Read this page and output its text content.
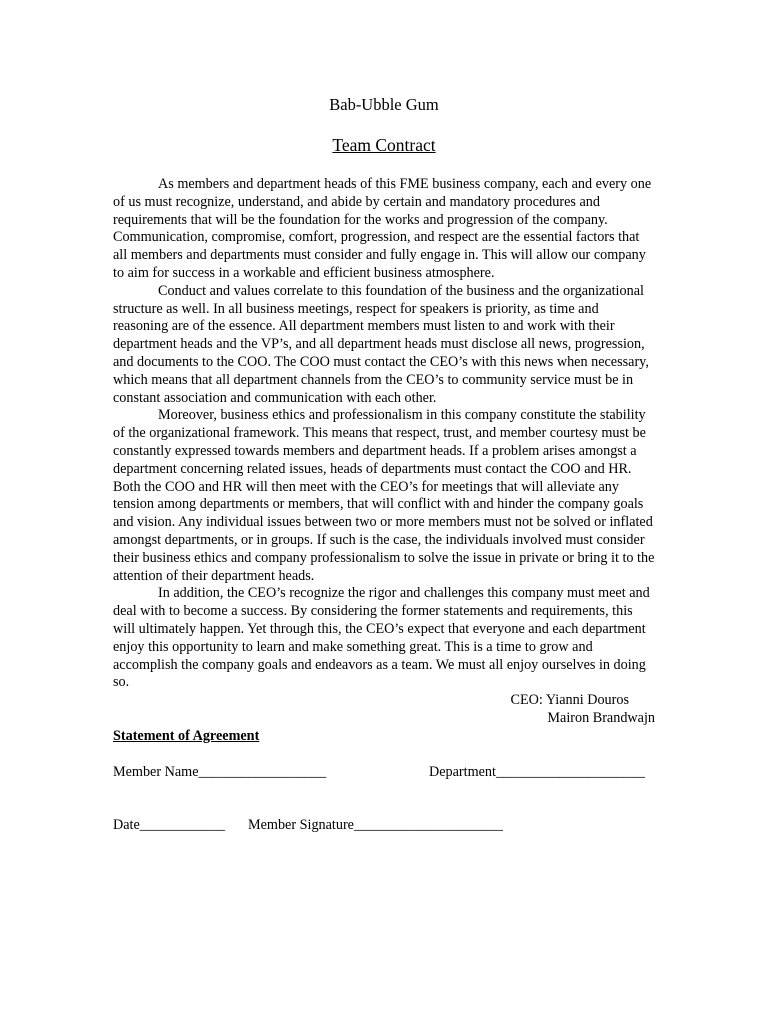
Bab-Ubble Gum

Team Contract

As members and department heads of this FME business company, each and every one of us must recognize, understand, and abide by certain and mandatory procedures and requirements that will be the foundation for the works and progression of the company. Communication, compromise, comfort, progression, and respect are the essential factors that all members and departments must consider and fully engage in. This will allow our company to aim for success in a workable and efficient business atmosphere.

Conduct and values correlate to this foundation of the business and the organizational structure as well. In all business meetings, respect for speakers is priority, as time and reasoning are of the essence. All department members must listen to and work with their department heads and the VP’s, and all department heads must disclose all news, progression, and documents to the COO. The COO must contact the CEO’s with this news when necessary, which means that all department channels from the CEO’s to community service must be in constant association and communication with each other.

Moreover, business ethics and professionalism in this company constitute the stability of the organizational framework. This means that respect, trust, and member courtesy must be constantly expressed towards members and department heads. If a problem arises amongst a department concerning related issues, heads of departments must contact the COO and HR. Both the COO and HR will then meet with the CEO’s for meetings that will alleviate any tension among departments or members, that will conflict with and hinder the company goals and vision. Any individual issues between two or more members must not be solved or inflated amongst departments, or in groups. If such is the case, the individuals involved must consider their business ethics and company professionalism to solve the issue in private or bring it to the attention of their department heads.

In addition, the CEO’s recognize the rigor and challenges this company must meet and deal with to become a success. By considering the former statements and requirements, this will ultimately happen. Yet through this, the CEO’s expect that everyone and each department enjoy this opportunity to learn and make something great. This is a time to grow and accomplish the company goals and endeavors as a team. We must all enjoy ourselves in doing so.

CEO: Yianni Douros
Mairon Brandwajn

Statement of Agreement

Member Name__________________

	Department_____________________

Date____________

Member Signature_____________________
